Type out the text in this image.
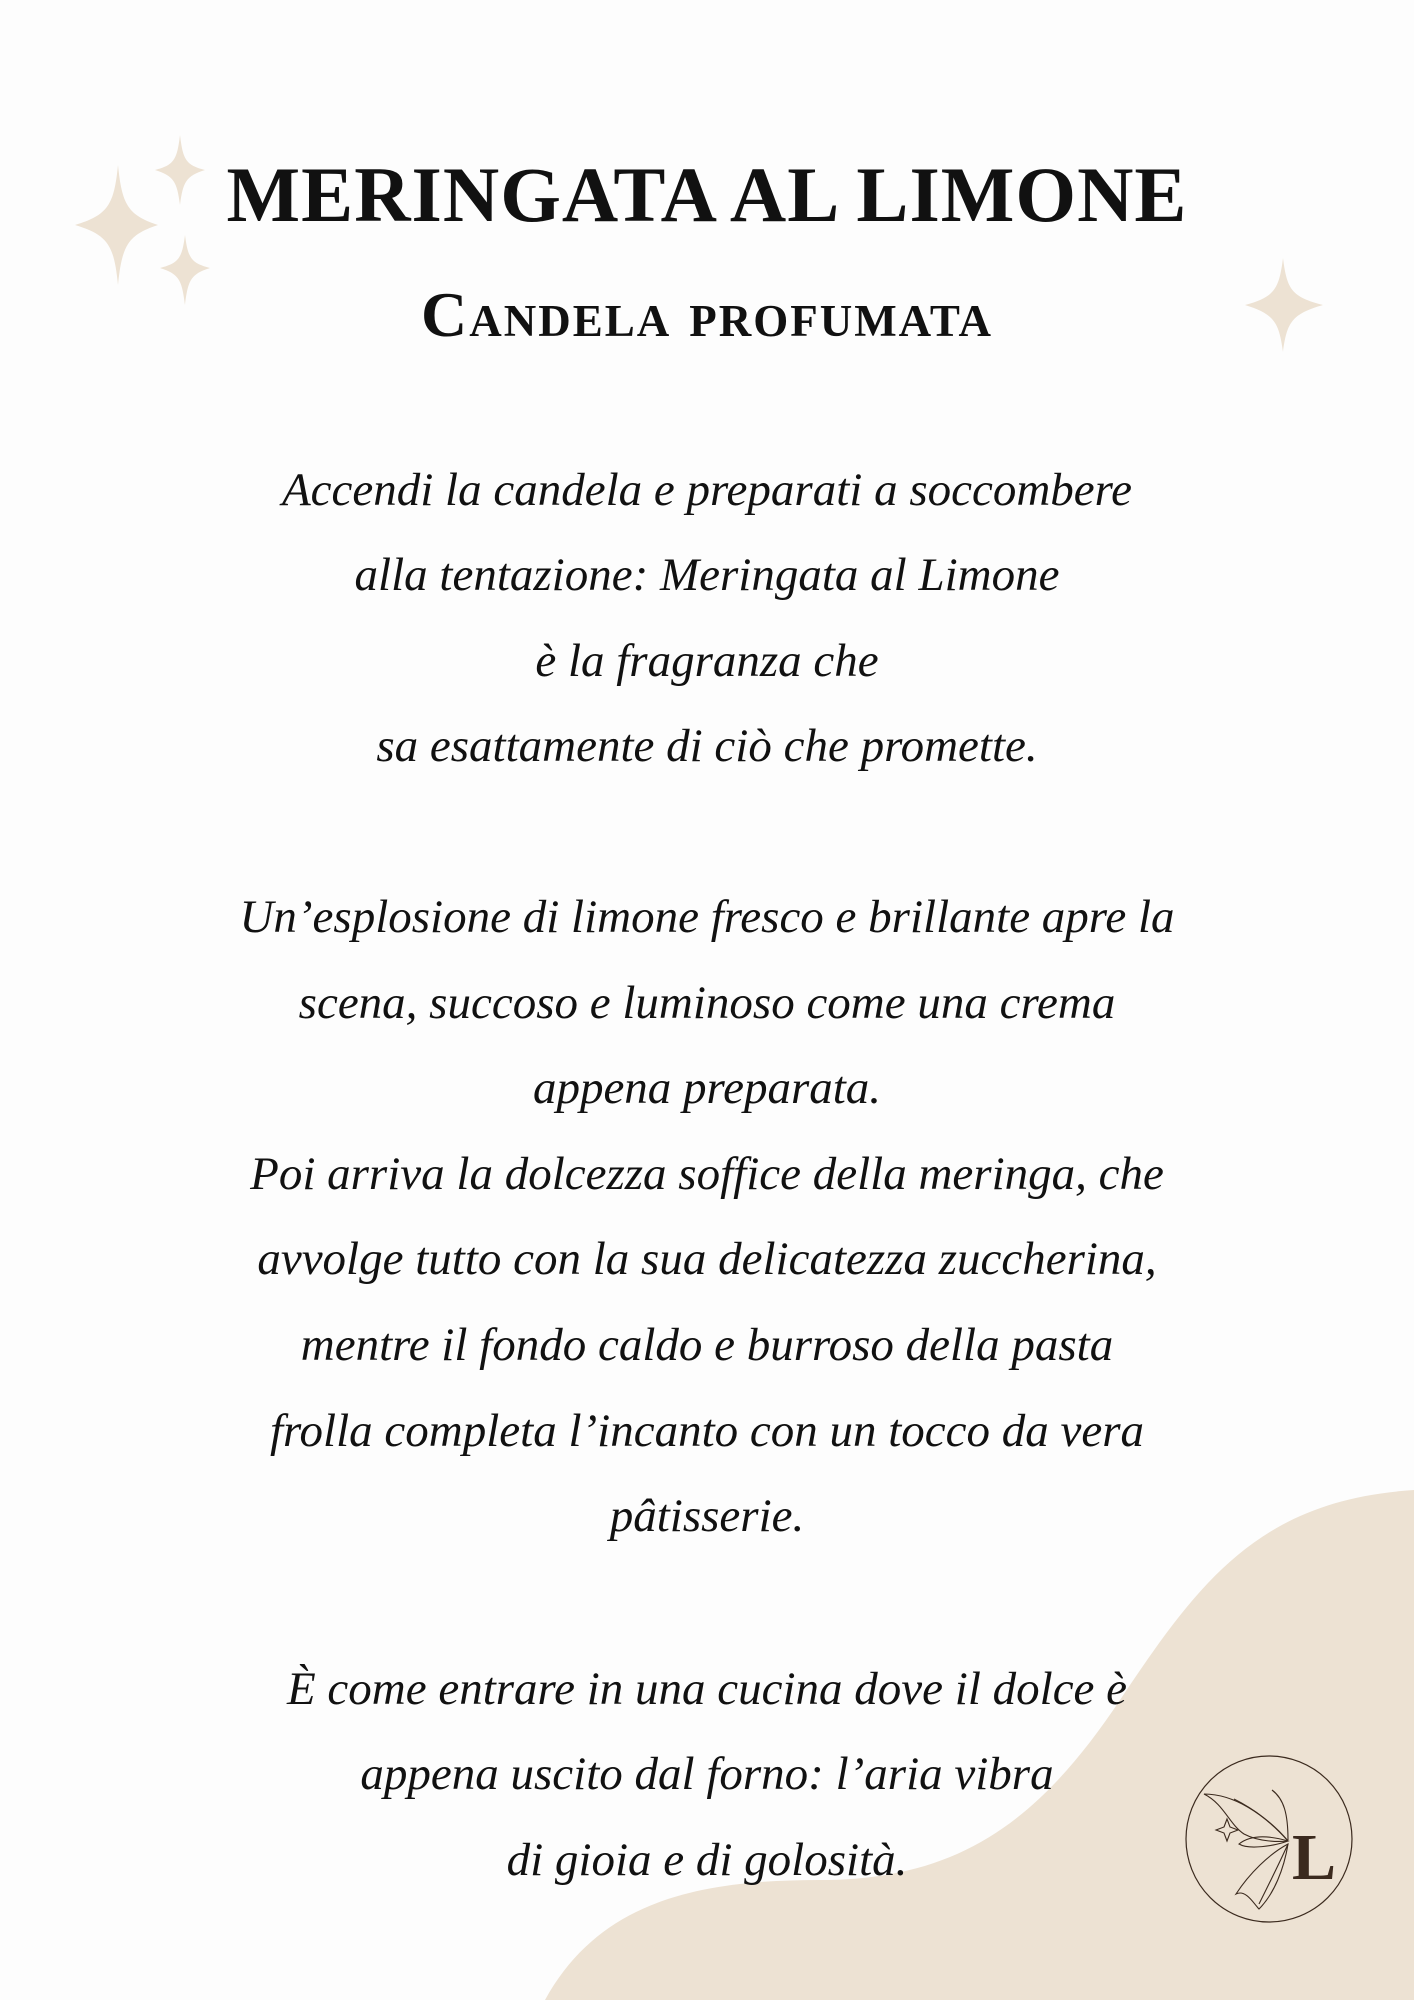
MERINGATA AL LIMONE
Candela profumata
Accendi la candela e preparati a soccombere
alla tentazione: Meringata al Limone
è la fragranza che
sa esattamente di ciò che promette.
Un’esplosione di limone fresco e brillante apre la
scena, succoso e luminoso come una crema
appena preparata.
Poi arriva la dolcezza soffice della meringa, che
avvolge tutto con la sua delicatezza zuccherina,
mentre il fondo caldo e burroso della pasta
frolla completa l’incanto con un tocco da vera
pâtisserie.
È come entrare in una cucina dove il dolce è
appena uscito dal forno: l’aria vibra
di gioia e di golosità.	L
